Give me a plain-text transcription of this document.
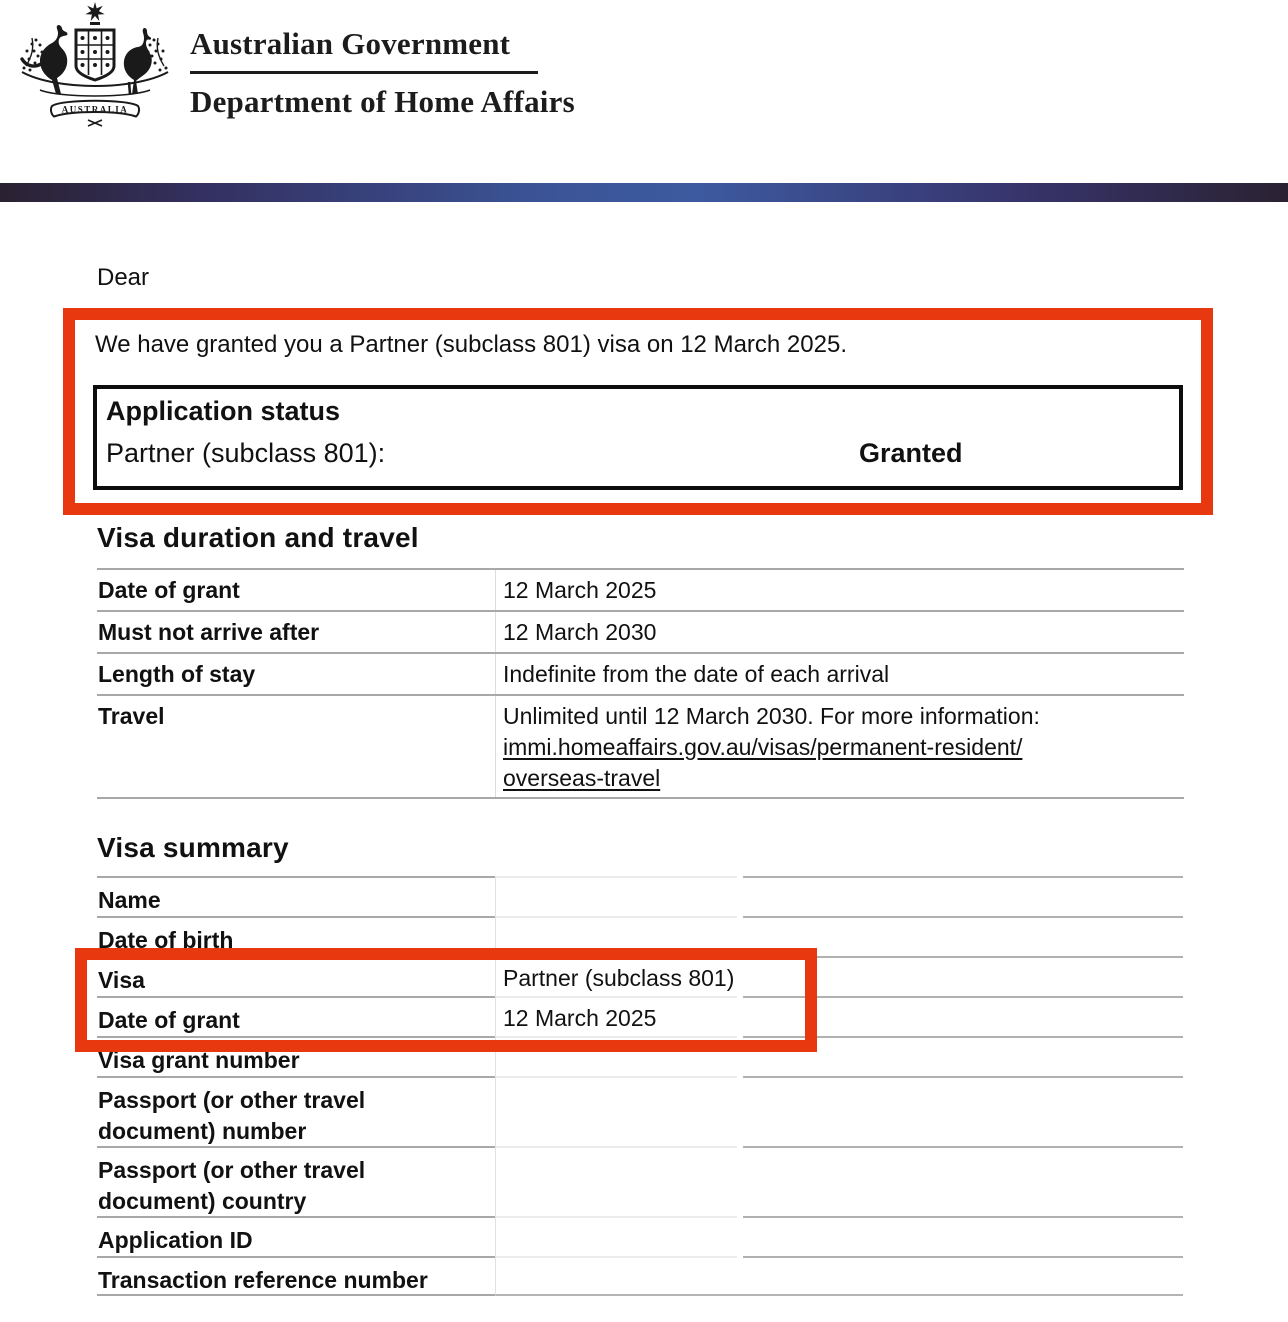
AUSTRALIA
Australian Government
Department of Home Affairs
Dear
We have granted you a Partner (subclass 801) visa on 12 March 2025.
Application status
Partner (subclass 801):	Granted
Visa duration and travel
Date of grant	12 March 2025
Must not arrive after	12 March 2030
Length of stay	Indefinite from the date of each arrival
Travel	Unlimited until 12 March 2030. For more information:
immi.homeaffairs.gov.au/visas/permanent-resident/
overseas-travel
Visa summary
Name
Date of birth
Visa	Partner (subclass 801)
Date of grant	12 March 2025
Visa grant number
Passport (or other travel document) number
Passport (or other travel document) country
Application ID
Transaction reference number
